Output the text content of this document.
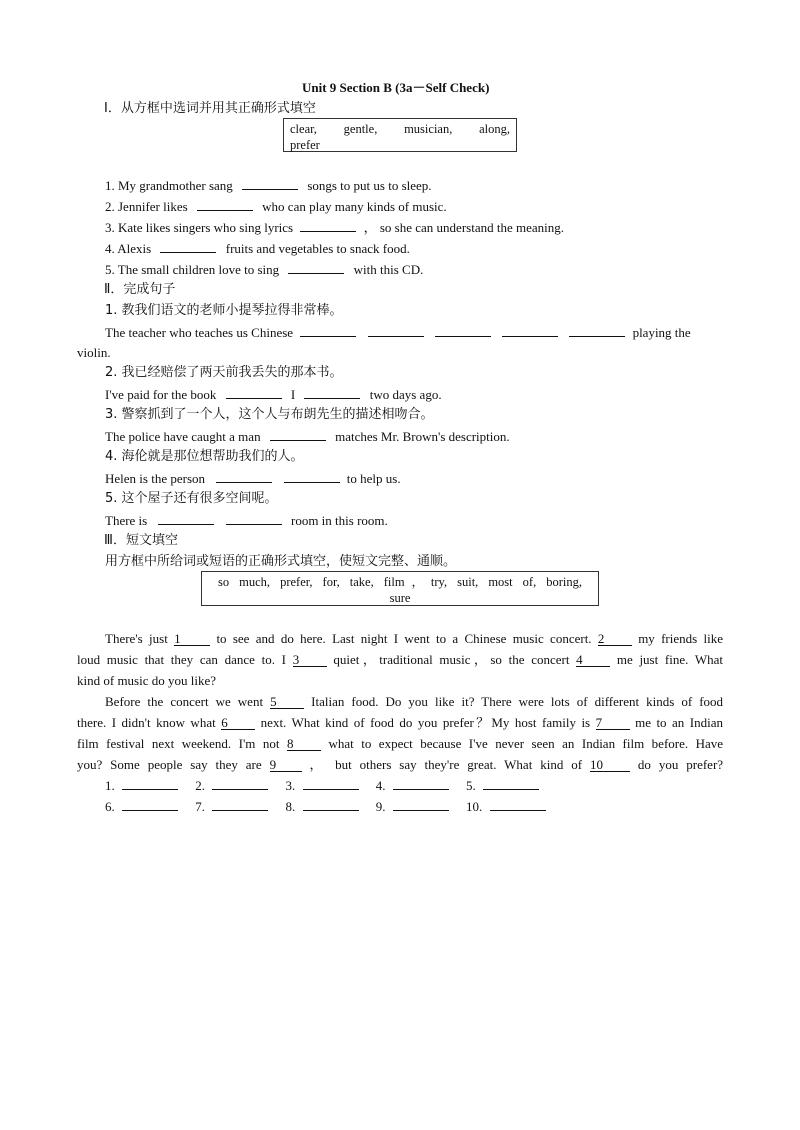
Unit 9 Section B (3a－Self Check)
Ⅰ．从方框中选词并用其正确形式填空
clear, gentle, musician, along,
prefer
1. My grandmother sang	songs to put us to sleep.
2. Jennifer likes	who can play many kinds of music.
3. Kate likes singers who sing lyrics	， so she can understand the meaning.
4. Alexis	fruits and vegetables to snack food.
5. The small children love to sing	with this CD.
Ⅱ．完成句子
1. 教我们语文的老师小提琴拉得非常棒。
The teacher who teaches us Chinese	playing the
violin.
2. 我已经赔偿了两天前我丢失的那本书。
I've paid for the book	I	two days ago.
3. 警察抓到了一个人，这个人与布朗先生的描述相吻合。
The police have caught a man	matches Mr. Brown's description.
4. 海伦就是那位想帮助我们的人。
Helen is the person	to help us.
5. 这个屋子还有很多空间呢。
There is	room in this room.
Ⅲ．短文填空
用方框中所给词或短语的正确形式填空，使短文完整、通顺。
so much, prefer, for, take, film，try, suit, most of, boring,
sure
There's just 1	to see and do here. Last night I went to a Chinese music concert. 2	my friends like
loud music that they can dance to. I 3	quiet，traditional music，so the concert 4	me just fine. What
kind of music do you like?
Before the concert we went 5	Italian food. Do you like it? There were lots of different kinds of food
there. I didn't know what 6	next. What kind of food do you prefer？My host family is 7	me to an Indian
film festival next weekend. I'm not 8	what to expect because I've never seen an Indian film before. Have
you? Some people say they are 9	， but others say they're great. What kind of 10	do you prefer?
1.	2.	3.	4.	5.
6.	7.	8.	9.	10.
